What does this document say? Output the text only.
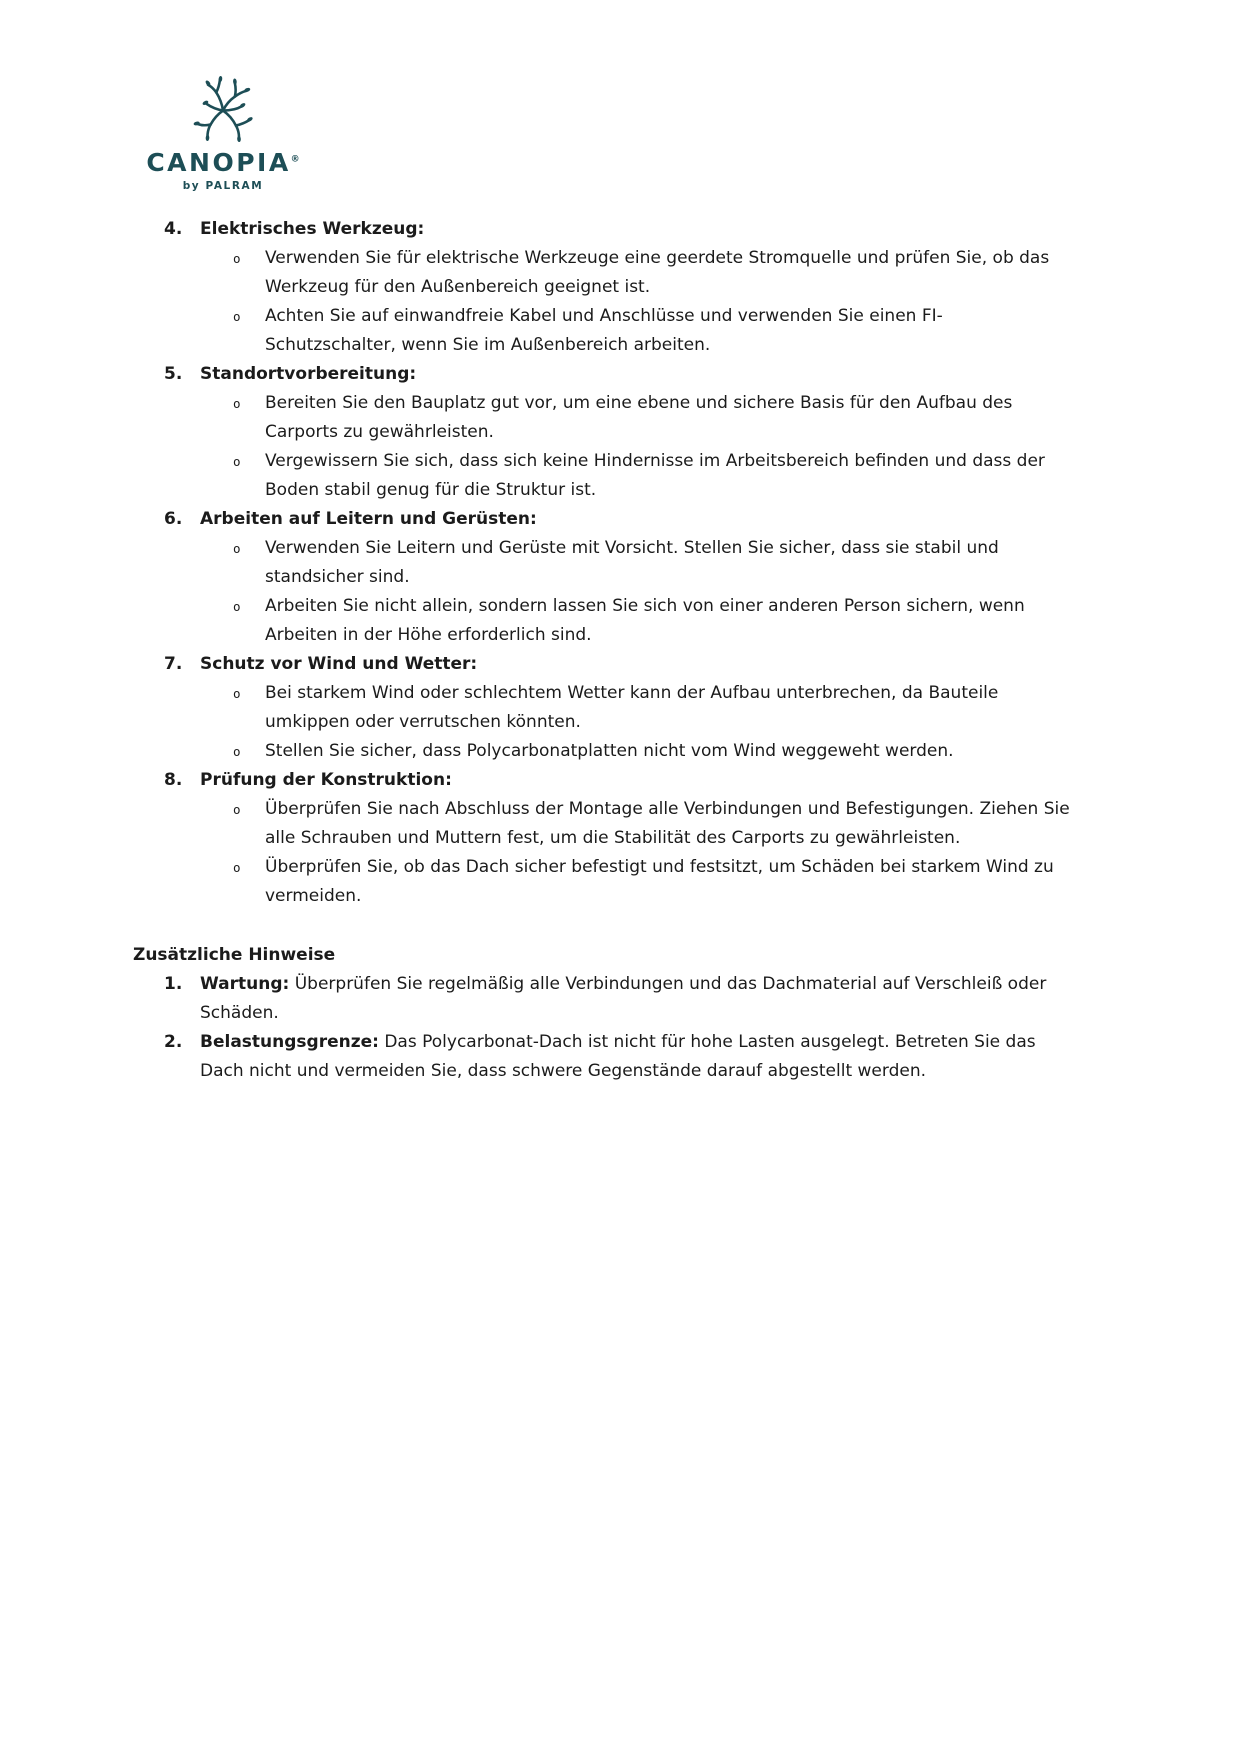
CANOPIA®
by PALRAM
4.	Elektrisches Werkzeug:
o	Verwenden Sie für elektrische Werkzeuge eine geerdete Stromquelle und prüfen Sie, ob das Werkzeug für den Außenbereich geeignet ist.
o	Achten Sie auf einwandfreie Kabel und Anschlüsse und verwenden Sie einen FI-Schutzschalter, wenn Sie im Außenbereich arbeiten.
5.	Standortvorbereitung:
o	Bereiten Sie den Bauplatz gut vor, um eine ebene und sichere Basis für den Aufbau des Carports zu gewährleisten.
o	Vergewissern Sie sich, dass sich keine Hindernisse im Arbeitsbereich befinden und dass der Boden stabil genug für die Struktur ist.
6.	Arbeiten auf Leitern und Gerüsten:
o	Verwenden Sie Leitern und Gerüste mit Vorsicht. Stellen Sie sicher, dass sie stabil und standsicher sind.
o	Arbeiten Sie nicht allein, sondern lassen Sie sich von einer anderen Person sichern, wenn Arbeiten in der Höhe erforderlich sind.
7.	Schutz vor Wind und Wetter:
o	Bei starkem Wind oder schlechtem Wetter kann der Aufbau unterbrechen, da Bauteile umkippen oder verrutschen könnten.
o	Stellen Sie sicher, dass Polycarbonatplatten nicht vom Wind weggeweht werden.
8.	Prüfung der Konstruktion:
o	Überprüfen Sie nach Abschluss der Montage alle Verbindungen und Befestigungen. Ziehen Sie alle Schrauben und Muttern fest, um die Stabilität des Carports zu gewährleisten.
o	Überprüfen Sie, ob das Dach sicher befestigt und festsitzt, um Schäden bei starkem Wind zu vermeiden.
Zusätzliche Hinweise
1.	Wartung: Überprüfen Sie regelmäßig alle Verbindungen und das Dachmaterial auf Verschleiß oder Schäden.
2.	Belastungsgrenze: Das Polycarbonat-Dach ist nicht für hohe Lasten ausgelegt. Betreten Sie das Dach nicht und vermeiden Sie, dass schwere Gegenstände darauf abgestellt werden.
